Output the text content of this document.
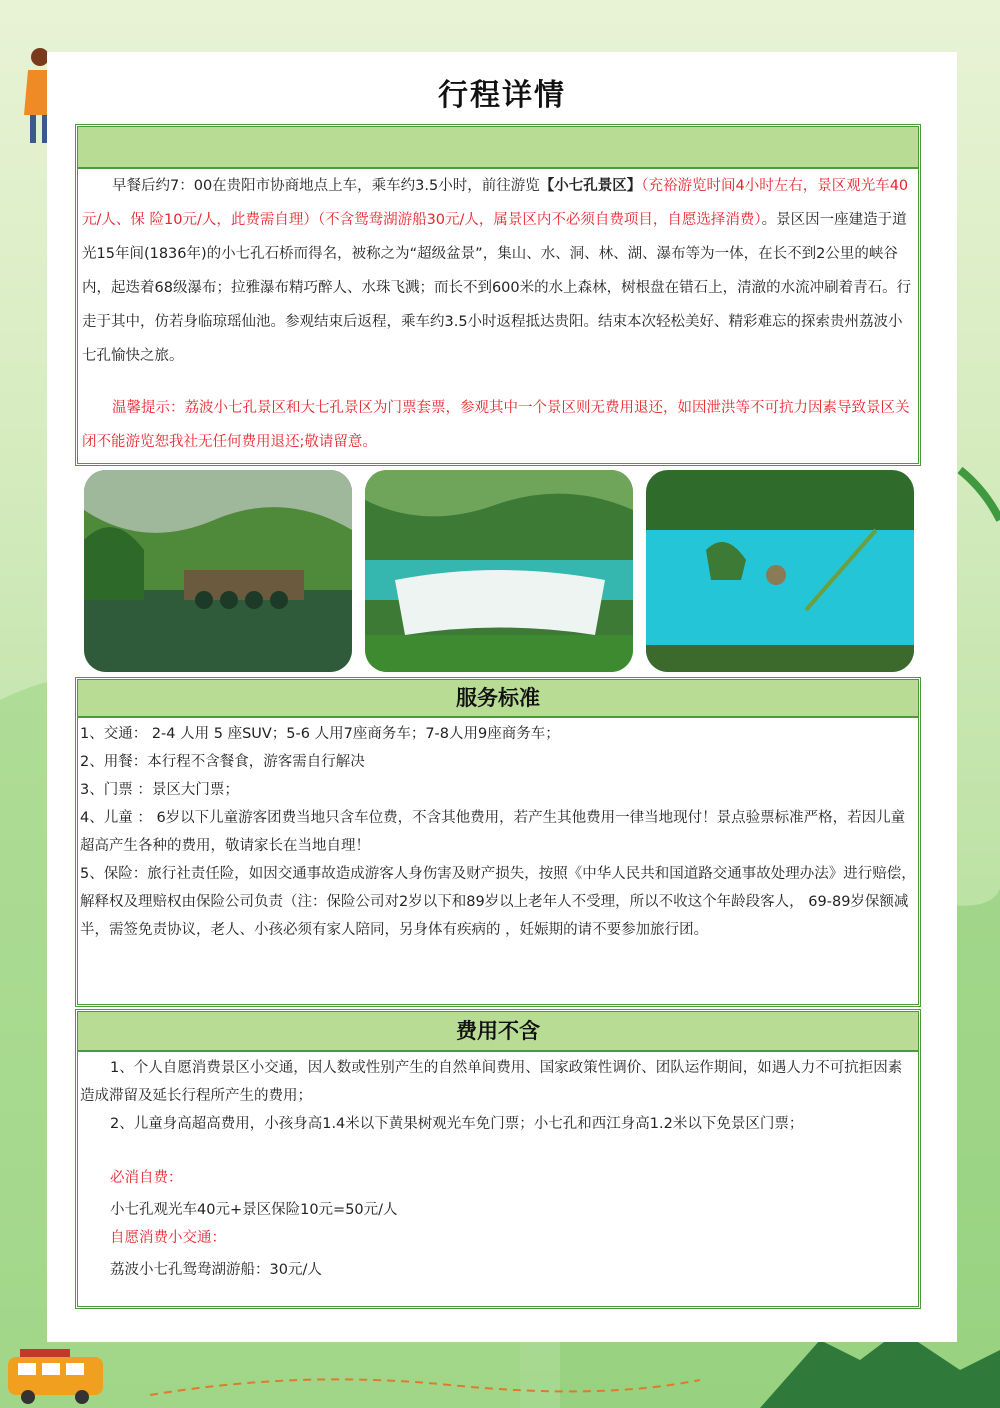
行程详情

早餐后约7：00在贵阳市协商地点上车，乘车约3.5小时，前往游览【小七孔景区】（充裕游览时间4小时左右，景区观光车40元/人、保 险10元/人，此费需自理）（不含鸳鸯湖游船30元/人，属景区内不必须自费项目，自愿选择消费）。景区因一座建造于道 光15年间(1836年)的小七孔石桥而得名，被称之为“超级盆景”，集山、水、洞、林、湖、瀑布等为一体，在长不到2公里的峡谷内，起迭着68级瀑布；拉雅瀑布精巧醉人、水珠飞溅；而长不到600米的水上森林，树根盘在错石上，清澈的水流冲刷着青石。行走于其中，仿若身临琼瑶仙池。参观结束后返程，乘车约3.5小时返程抵达贵阳。结束本次轻松美好、精彩难忘的探索贵州荔波小七孔愉快之旅。

温馨提示：荔波小七孔景区和大七孔景区为门票套票，参观其中一个景区则无费用退还，如因泄洪等不可抗力因素导致景区关闭不能游览恕我社无任何费用退还;敬请留意。

服务标准
1、交通： 2-4 人用 5 座SUV；5-6 人用7座商务车；7-8人用9座商务车；
2、用餐：本行程不含餐食，游客需自行解决
3、门票 ：景区大门票；
4、儿童 ： 6岁以下儿童游客团费当地只含车位费，不含其他费用，若产生其他费用一律当地现付！景点验票标准严格，若因儿童超高产生各种的费用，敬请家长在当地自理！
5、保险：旅行社责任险，如因交通事故造成游客人身伤害及财产损失，按照《中华人民共和国道路交通事故处理办法》进行赔偿，解释权及理赔权由保险公司负责（注：保险公司对2岁以下和89岁以上老年人不受理，所以不收这个年龄段客人， 69-89岁保额减半，需签免责协议，老人、小孩必须有家人陪同，另身体有疾病的 ，妊娠期的请不要参加旅行团。
费用不含
1、个人自愿消费景区小交通，因人数或性别产生的自然单间费用、国家政策性调价、团队运作期间，如遇人力不可抗拒因素造成滞留及延长行程所产生的费用；
2、儿童身高超高费用，小孩身高1.4米以下黄果树观光车免门票；小七孔和西江身高1.2米以下免景区门票；
必消自费：
小七孔观光车40元+景区保险10元=50元/人
自愿消费小交通：
荔波小七孔鸳鸯湖游船：30元/人
